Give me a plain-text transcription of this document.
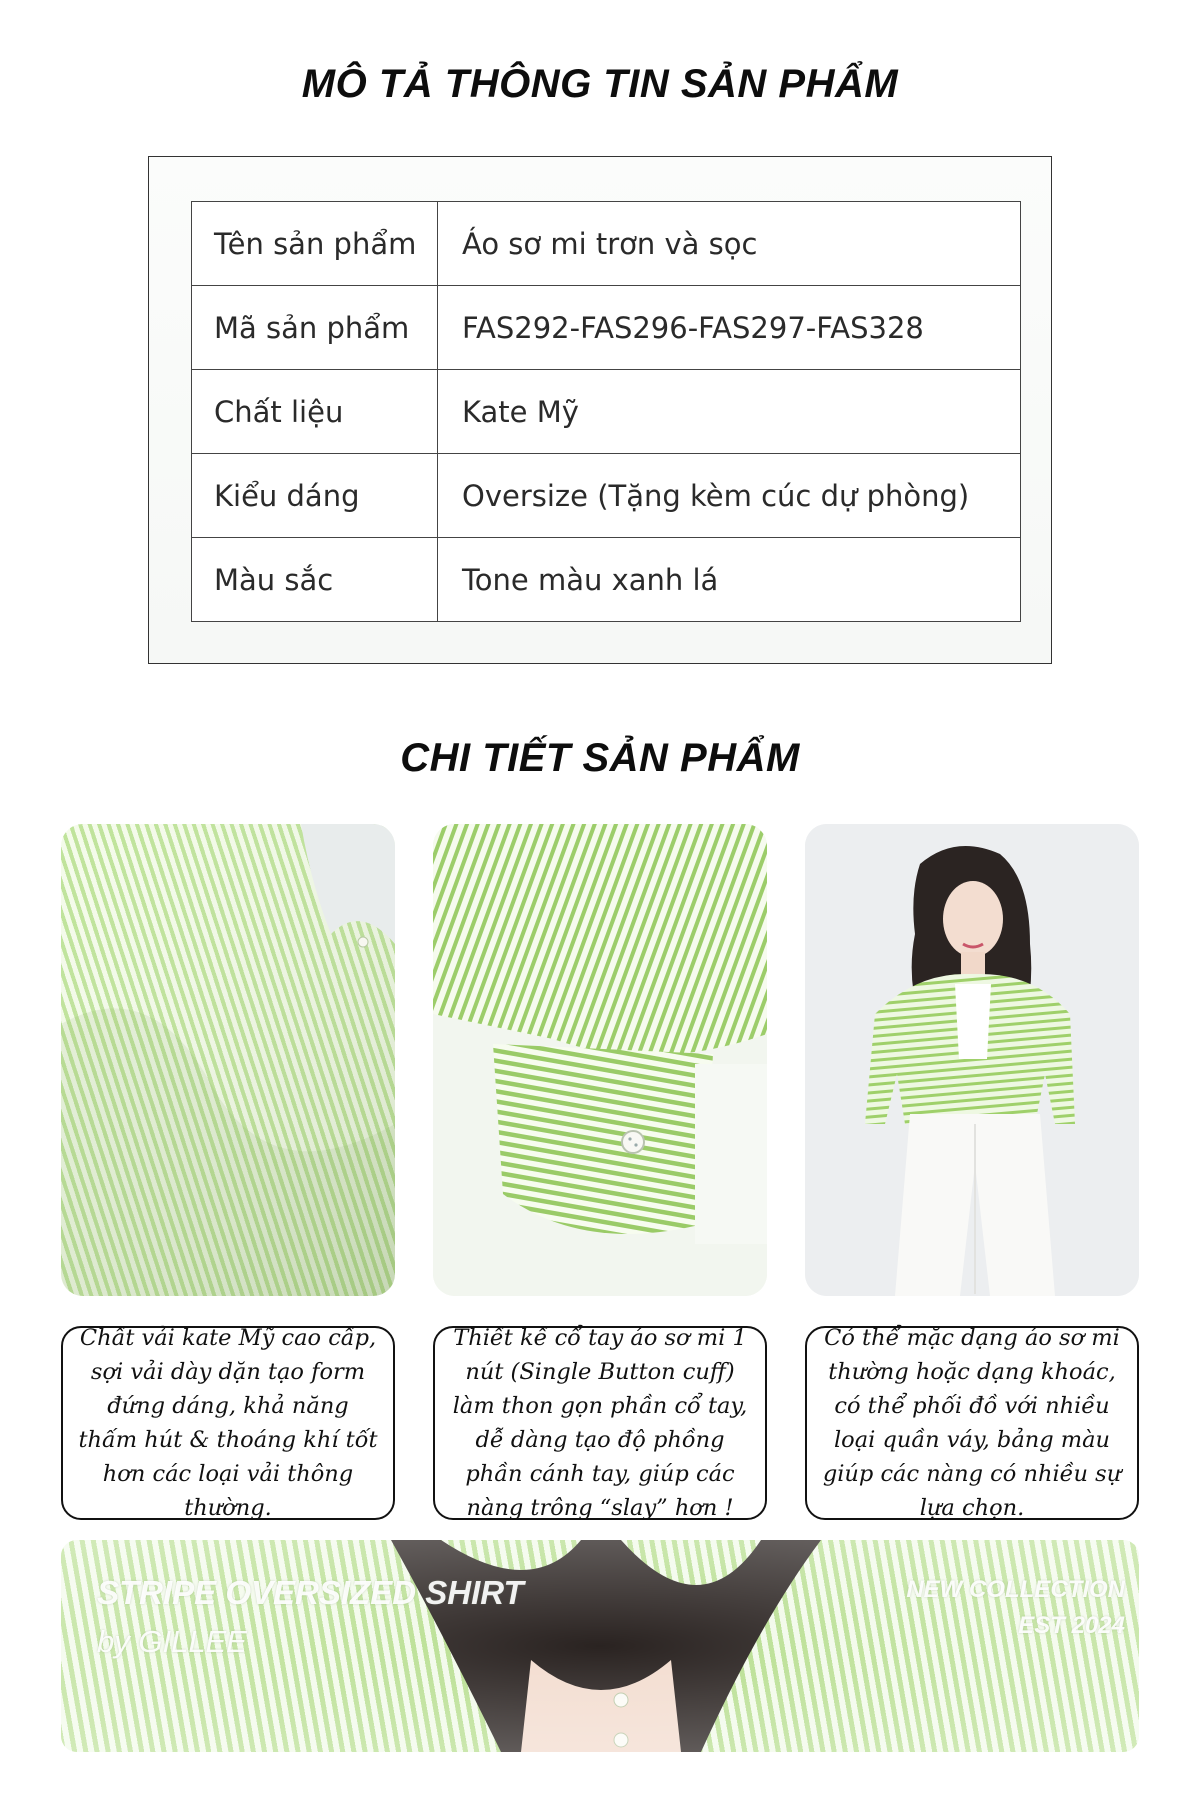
MÔ TẢ THÔNG TIN SẢN PHẨM
Tên sản phẩm	Áo sơ mi trơn và sọc
Mã sản phẩm	FAS292-FAS296-FAS297-FAS328
Chất liệu	Kate Mỹ
Kiểu dáng	Oversize (Tặng kèm cúc dự phòng)
Màu sắc	Tone màu xanh lá
CHI TIẾT SẢN PHẨM

Chất vải kate Mỹ cao cấp, sợi vải dày dặn tạo form đứng dáng, khả năng thấm hút & thoáng khí tốt hơn các loại vải thông thường.

Thiết kế cổ tay áo sơ mi 1 nút (Single Button cuff) làm thon gọn phần cổ tay, dễ dàng tạo độ phồng phần cánh tay, giúp các nàng trông “slay” hơn !

Có thể mặc dạng áo sơ mi thường hoặc dạng khoác, có thể phối đồ với nhiều loại quần váy, bảng màu giúp các nàng có nhiều sự lựa chọn.

STRIPE OVERSIZED SHIRT
by GILLEE
NEW COLLECTION
EST 2024
